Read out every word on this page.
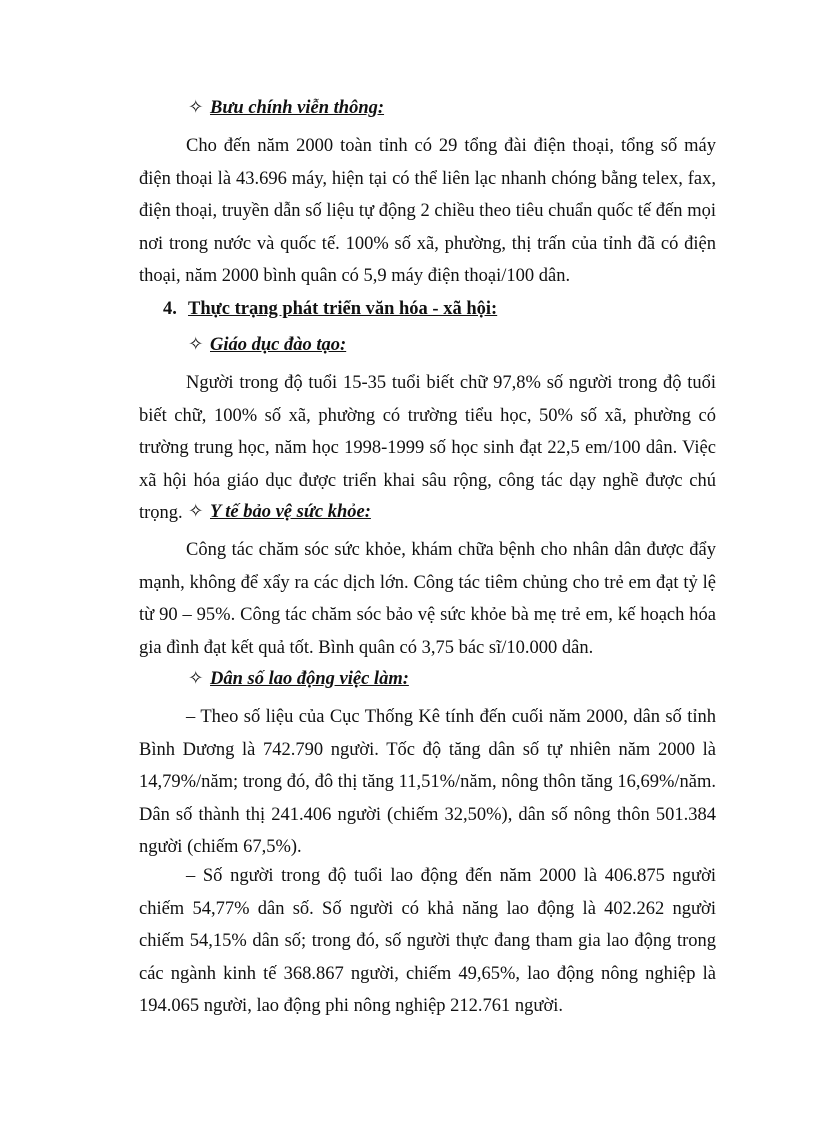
✧ Bưu chính viễn thông:

Cho đến năm 2000 toàn tỉnh có 29 tổng đài điện thoại, tổng số máy điện thoại là 43.696 máy, hiện tại có thể liên lạc nhanh chóng bằng telex, fax, điện thoại, truyền dẫn số liệu tự động 2 chiều theo tiêu chuẩn quốc tế đến mọi nơi trong nước và quốc tế. 100% số xã, phường, thị trấn của tỉnh đã có điện thoại, năm 2000 bình quân có 5,9 máy điện thoại/100 dân.

4. Thực trạng phát triển văn hóa - xã hội:
✧ Giáo dục đào tạo:

Người trong độ tuổi 15-35 tuổi biết chữ 97,8% số người trong độ tuổi biết chữ, 100% số xã, phường có trường tiểu học, 50% số xã, phường có trường trung học, năm học 1998-1999 số học sinh đạt 22,5 em/100 dân. Việc xã hội hóa giáo dục được triển khai sâu rộng, công tác dạy nghề được chú trọng. ✧ Y tế bảo vệ sức khỏe:

Công tác chăm sóc sức khỏe, khám chữa bệnh cho nhân dân được đẩy mạnh, không để xẩy ra các dịch lớn. Công tác tiêm chủng cho trẻ em đạt tỷ lệ từ 90 – 95%. Công tác chăm sóc bảo vệ sức khỏe bà mẹ trẻ em, kế hoạch hóa gia đình đạt kết quả tốt. Bình quân có 3,75 bác sĩ/10.000 dân.

✧ Dân số lao động việc làm:

– Theo số liệu của Cục Thống Kê tính đến cuối năm 2000, dân số tỉnh Bình Dương là 742.790 người. Tốc độ tăng dân số tự nhiên năm 2000 là 14,79%/năm; trong đó, đô thị tăng 11,51%/năm, nông thôn tăng 16,69%/năm. Dân số thành thị 241.406 người (chiếm 32,50%), dân số nông thôn 501.384 người (chiếm 67,5%).

– Số người trong độ tuổi lao động đến năm 2000 là 406.875 người chiếm 54,77% dân số. Số người có khả năng lao động là 402.262 người chiếm 54,15% dân số; trong đó, số người thực đang tham gia lao động trong các ngành kinh tế 368.867 người, chiếm 49,65%, lao động nông nghiệp là 194.065 người, lao động phi nông nghiệp 212.761 người.
